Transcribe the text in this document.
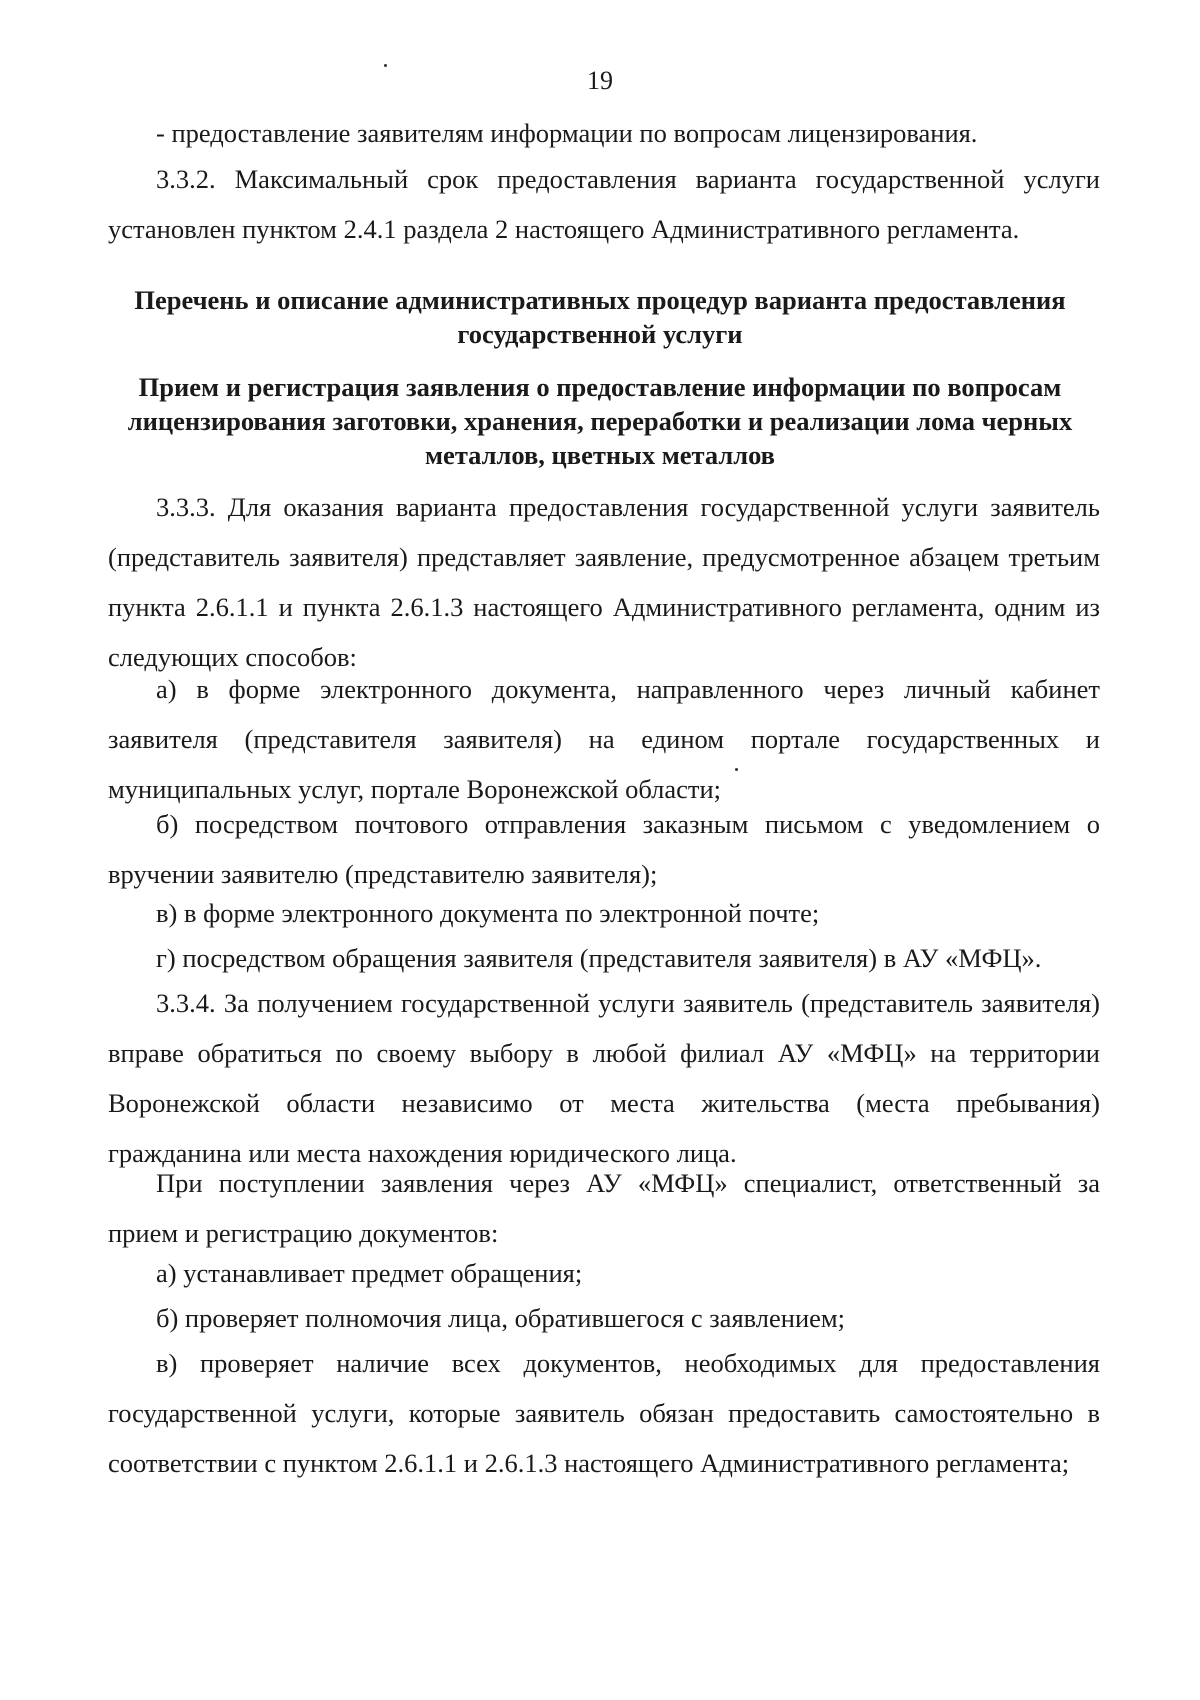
19
- предоставление заявителям информации по вопросам лицензирования.
3.3.2. Максимальный срок предоставления варианта государственной услуги установлен пунктом 2.4.1 раздела 2 настоящего Административного регламента.
Перечень и описание административных процедур варианта предоставления государственной услуги
Прием и регистрация заявления о предоставление информации по вопросам лицензирования заготовки, хранения, переработки и реализации лома черных металлов, цветных металлов
3.3.3. Для оказания варианта предоставления государственной услуги заявитель (представитель заявителя) представляет заявление, предусмотренное абзацем третьим пункта 2.6.1.1 и пункта 2.6.1.3 настоящего Административного регламента, одним из следующих способов:
а) в форме электронного документа, направленного через личный кабинет заявителя (представителя заявителя) на едином портале государственных и муниципальных услуг, портале Воронежской области;
б) посредством почтового отправления заказным письмом с уведомлением о вручении заявителю (представителю заявителя);
в) в форме электронного документа по электронной почте;
г) посредством обращения заявителя (представителя заявителя) в АУ «МФЦ».
3.3.4. За получением государственной услуги заявитель (представитель заявителя) вправе обратиться по своему выбору в любой филиал АУ «МФЦ» на территории Воронежской области независимо от места жительства (места пребывания) гражданина или места нахождения юридического лица.
При поступлении заявления через АУ «МФЦ» специалист, ответственный за прием и регистрацию документов:
а) устанавливает предмет обращения;
б) проверяет полномочия лица, обратившегося с заявлением;
в) проверяет наличие всех документов, необходимых для предоставления государственной услуги, которые заявитель обязан предоставить самостоятельно в соответствии с пунктом 2.6.1.1 и 2.6.1.3 настоящего Административного регламента;
